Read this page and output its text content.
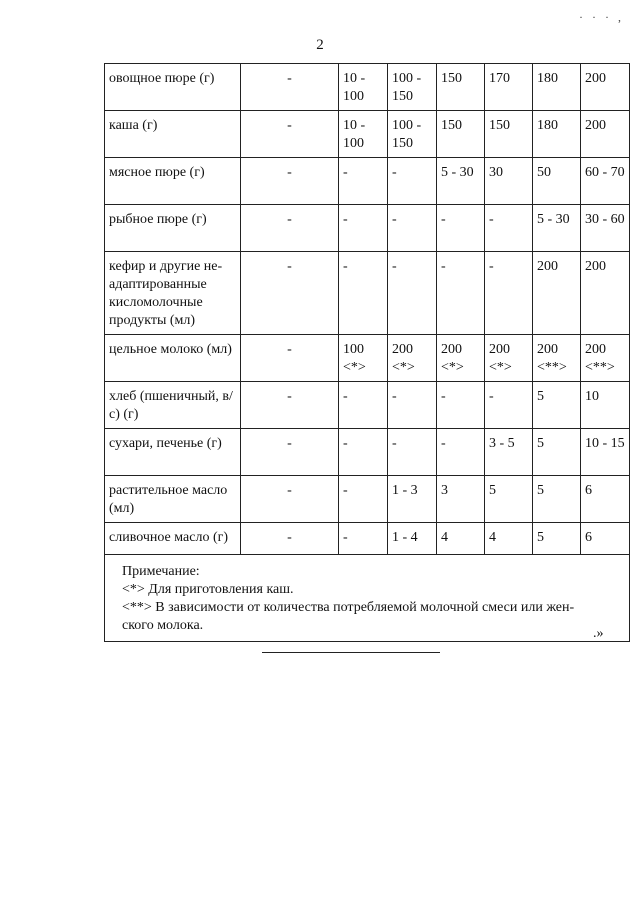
2
· · · ,
овощное пюре (г)	-	10 - 100	100 - 150	150	170	180	200
каша (г)	-	10 - 100	100 - 150	150	150	180	200
мясное пюре (г)	-	-	-	5 - 30	30	50	60 - 70
рыбное пюре (г)	-	-	-	-	-	5 - 30	30 - 60
кефир и другие не-адаптированные кисломолочные продукты (мл)	-	-	-	-	-	200	200
цельное молоко (мл)	-	100 <*>	200 <*>	200 <*>	200 <*>	200 <**>	200 <**>
хлеб (пшеничный, в/с) (г)	-	-	-	-	-	5	10
сухари, печенье (г)	-	-	-	-	3 - 5	5	10 - 15
растительное масло (мл)	-	-	1 - 3	3	5	5	6
сливочное масло (г)	-	-	1 - 4	4	4	5	6

Примечание:
<*> Для приготовления каш.
<**> В зависимости от количества потребляемой молочной смеси или жен-
ского молока.							
.»
